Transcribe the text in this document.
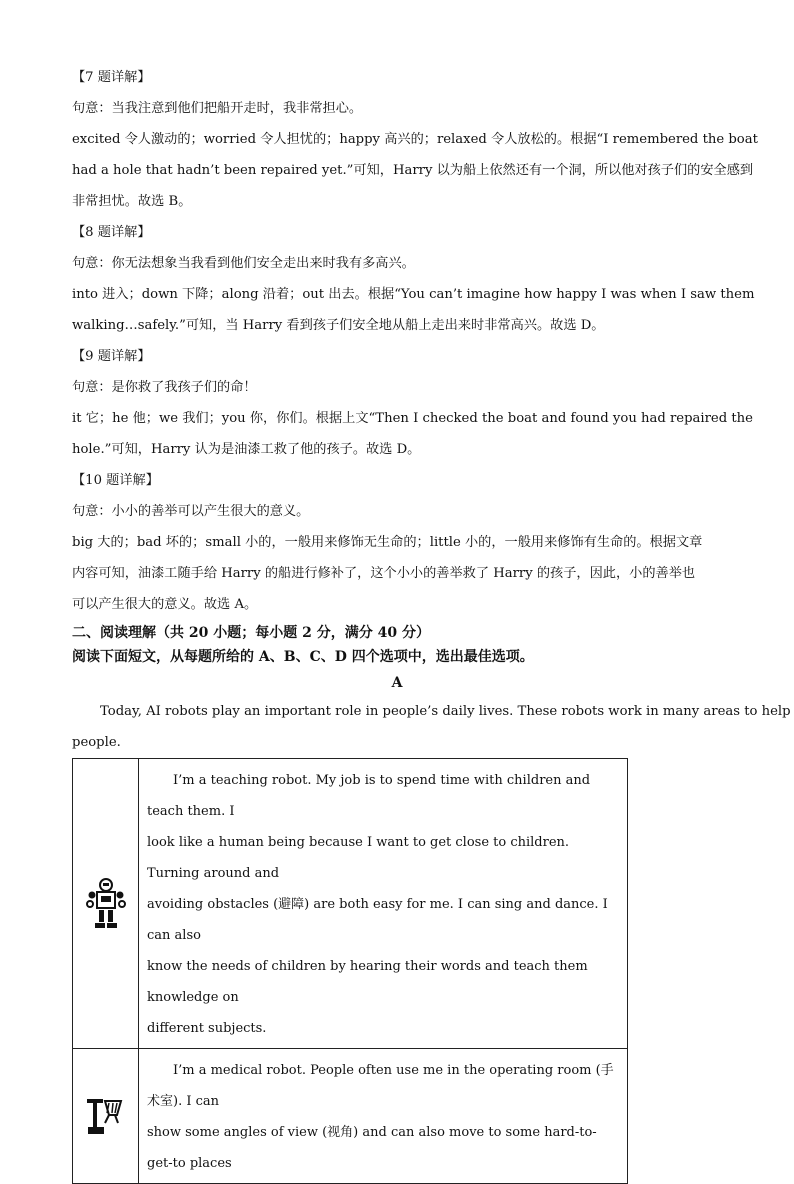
【7 题详解】
句意：当我注意到他们把船开走时，我非常担心。
excited 令人激动的；worried 令人担忧的；happy 高兴的；relaxed 令人放松的。根据“I remembered the boat
had a hole that hadn’t been repaired yet.”可知，Harry 以为船上依然还有一个洞，所以他对孩子们的安全感到
非常担忧。故选 B。
【8 题详解】
句意：你无法想象当我看到他们安全走出来时我有多高兴。
into 进入；down 下降；along 沿着；out 出去。根据“You can’t imagine how happy I was when I saw them
walking…safely.”可知，当 Harry 看到孩子们安全地从船上走出来时非常高兴。故选 D。
【9 题详解】
句意：是你救了我孩子们的命！
it 它；he 他；we 我们；you 你，你们。根据上文“Then I checked the boat and found you had repaired the
hole.”可知，Harry 认为是油漆工救了他的孩子。故选 D。
【10 题详解】
句意：小小的善举可以产生很大的意义。
big 大的；bad 坏的；small 小的，一般用来修饰无生命的；little 小的，一般用来修饰有生命的。根据文章
内容可知，油漆工随手给 Harry 的船进行修补了，这个小小的善举救了 Harry 的孩子，因此，小的善举也
可以产生很大的意义。故选 A。
二、阅读理解（共 20 小题；每小题 2 分，满分 40 分）
阅读下面短文，从每题所给的 A、B、C、D 四个选项中，选出最佳选项。
A
Today, AI robots play an important role in people’s daily lives. These robots work in many areas to help
people.

I’m a teaching robot. My job is to spend time with children and teach them. I
look like a human being because I want to get close to children. Turning around and
avoiding obstacles (避障) are both easy for me. I can sing and dance. I can also
know the needs of children by hearing their words and teach them knowledge on
different subjects.

I’m a medical robot. People often use me in the operating room (手术室). I can
show some angles of view (视角) and can also move to some hard-to-get-to places
